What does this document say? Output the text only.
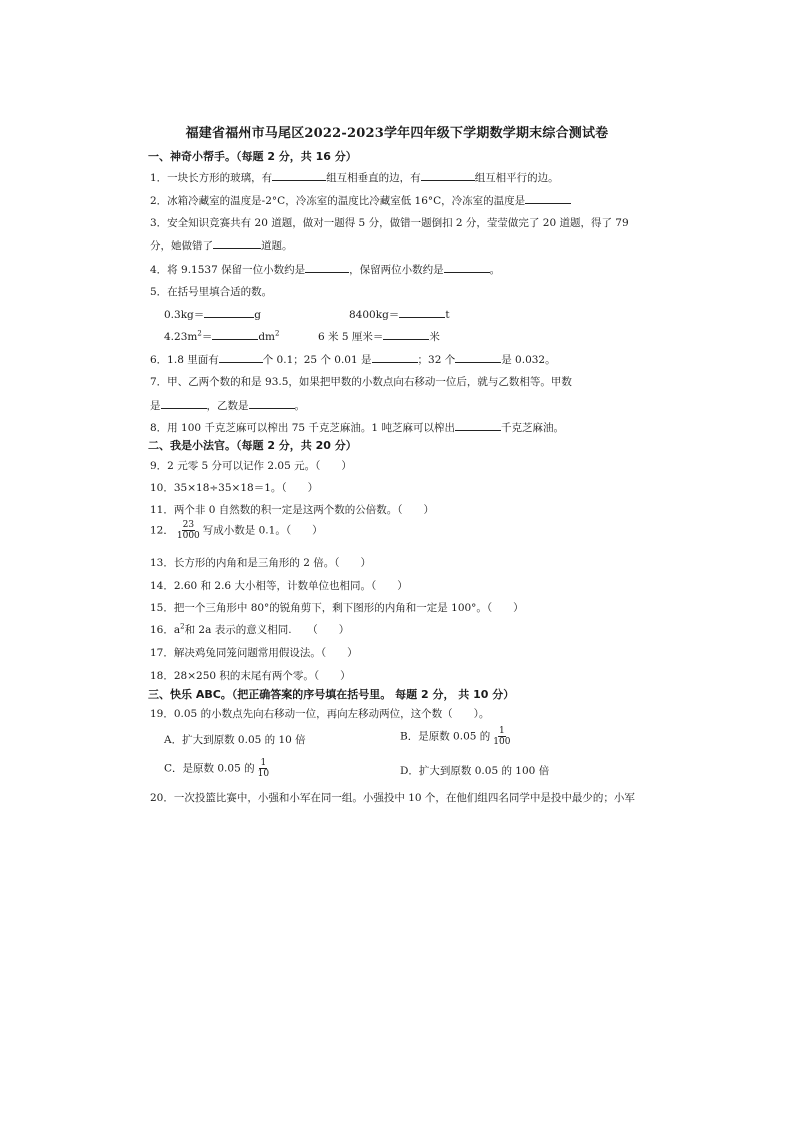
福建省福州市马尾区2022-2023学年四年级下学期数学期末综合测试卷
一、神奇小帮手。（每题 2 分，共 16 分）
1．一块长方形的玻璃，有	组互相垂直的边，有	组互相平行的边。
2．冰箱冷藏室的温度是-2°C，冷冻室的温度比冷藏室低 16°C，冷冻室的温度是
3．安全知识竞赛共有 20 道题，做对一题得 5 分，做错一题倒扣 2 分，莹莹做完了 20 道题，得了 79
分，她做错了	道题。
4．将 9.1537 保留一位小数约是	，保留两位小数约是	。
5．在括号里填合适的数。
0.3kg＝	g	8400kg＝	t
$4.23m^2=$	$dm^2$	6 米 5 厘米＝	米
6．1.8 里面有	个 0.1；25 个 0.01 是	；32 个	是 0.032。
7．甲、乙两个数的和是 93.5，如果把甲数的小数点向右移动一位后，就与乙数相等。甲数
是	，乙数是	。
8．用 100 千克芝麻可以榨出 75 千克芝麻油。1 吨芝麻可以榨出	千克芝麻油。
二、我是小法官。（每题 2 分，共 20 分）
9．2 元零 5 分可以记作 2.05 元。（　　）
10．35×18÷35×18＝1。（　　）
11．两个非 0 自然数的积一定是这两个数的公倍数。（　　）
12． $\frac{23}{1000}$ 写成小数是 0.1。（　　）
13．长方形的内角和是三角形的 2 倍。（　　）
14．2.60 和 2.6 大小相等，计数单位也相同。（　　）
15．把一个三角形中 80°的锐角剪下，剩下图形的内角和一定是 100°。（　　）
16．$a^2$和 2a 表示的意义相同.　　（　　）
17．解决鸡兔同笼问题常用假设法。（　　）
18．28×250 积的末尾有两个零。（　　）
三、快乐 ABC。（把正确答案的序号填在括号里。 每题 2 分， 共 10 分）
19．0.05 的小数点先向右移动一位，再向左移动两位，这个数（　　）。
A．扩大到原数 0.05 的 10 倍	B．是原数 0.05 的 $\frac{1}{100}$
C．是原数 0.05 的 $\frac{1}{10}$	D．扩大到原数 0.05 的 100 倍
20．一次投篮比赛中，小强和小军在同一组。小强投中 10 个，在他们组四名同学中是投中最少的；小军
